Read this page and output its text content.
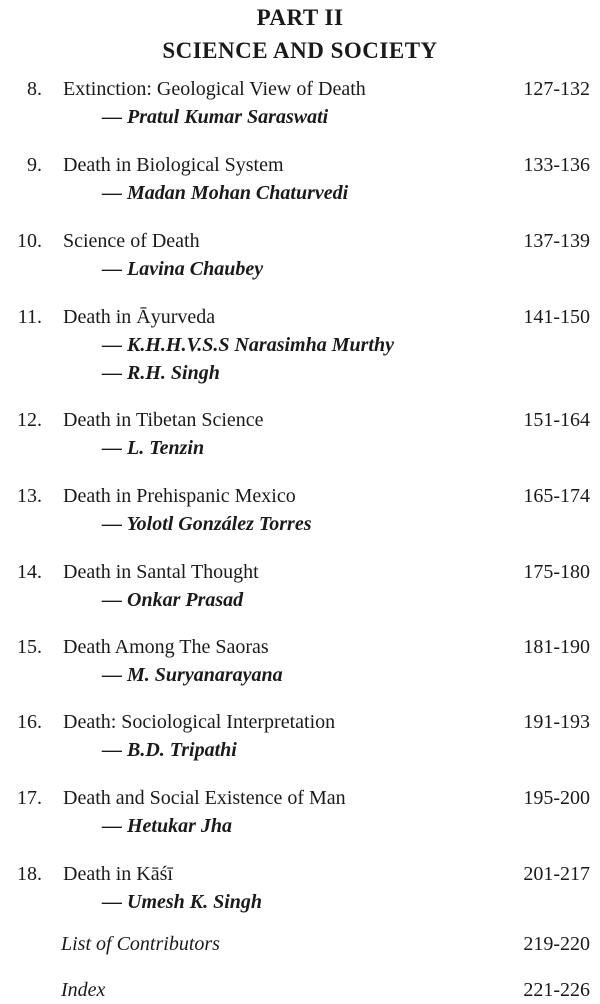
PART II
SCIENCE AND SOCIETY
8. Extinction: Geological View of Death	127-132
— Pratul Kumar Saraswati
9. Death in Biological System	133-136
— Madan Mohan Chaturvedi
10. Science of Death	137-139
— Lavina Chaubey
11. Death in Āyurveda	141-150
— K.H.H.V.S.S Narasimha Murthy
— R.H. Singh
12. Death in Tibetan Science	151-164
— L. Tenzin
13. Death in Prehispanic Mexico	165-174
— Yolotl González Torres
14. Death in Santal Thought	175-180
— Onkar Prasad
15. Death Among The Saoras	181-190
— M. Suryanarayana
16. Death: Sociological Interpretation	191-193
— B.D. Tripathi
17. Death and Social Existence of Man	195-200
— Hetukar Jha
18. Death in Kāśī	201-217
— Umesh K. Singh
List of Contributors	219-220
Index	221-226
